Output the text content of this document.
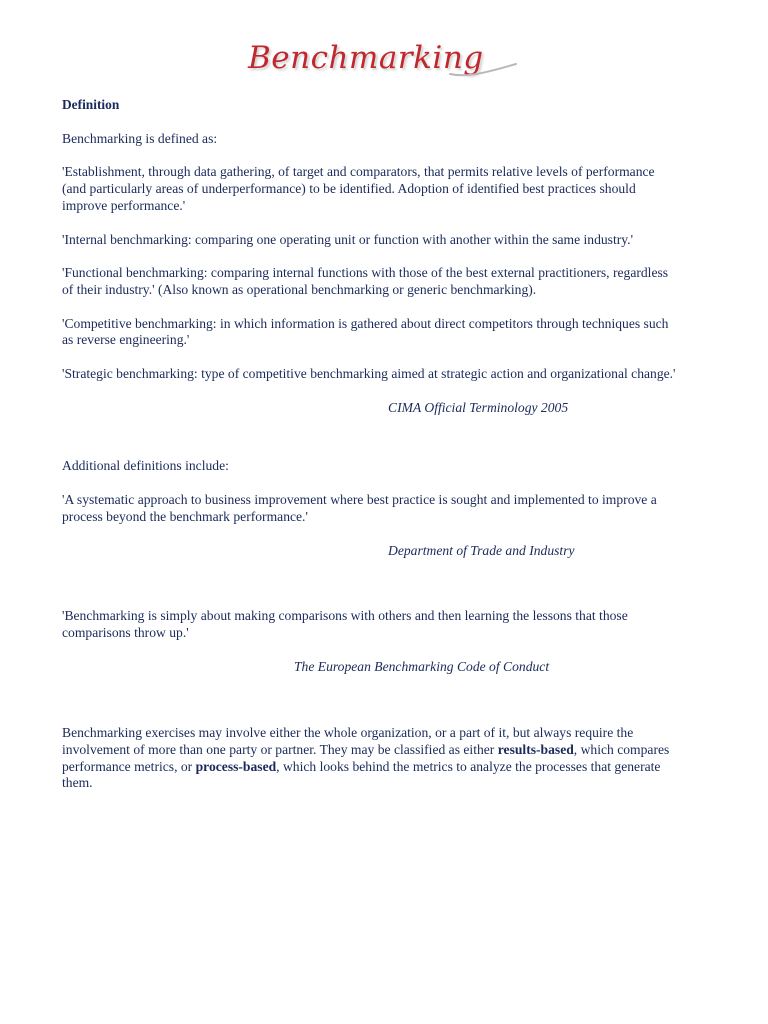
Benchmarking

Definition

Benchmarking is defined as:

'Establishment, through data gathering, of target and comparators, that permits relative levels of performance (and particularly areas of underperformance) to be identified. Adoption of identified best practices should improve performance.'

'Internal benchmarking: comparing one operating unit or function with another within the same industry.'

'Functional benchmarking: comparing internal functions with those of the best external practitioners, regardless of their industry.' (Also known as operational benchmarking or generic benchmarking).

'Competitive benchmarking: in which information is gathered about direct competitors through techniques such as reverse engineering.'

'Strategic benchmarking: type of competitive benchmarking aimed at strategic action and organizational change.'

CIMA Official Terminology 2005

Additional definitions include:

'A systematic approach to business improvement where best practice is sought and implemented to improve a process beyond the benchmark performance.'

Department of Trade and Industry

'Benchmarking is simply about making comparisons with others and then learning the lessons that those comparisons throw up.'

The European Benchmarking Code of Conduct

Benchmarking exercises may involve either the whole organization, or a part of it, but always require the involvement of more than one party or partner. They may be classified as either results-based, which compares performance metrics, or process-based, which looks behind the metrics to analyze the processes that generate them.
